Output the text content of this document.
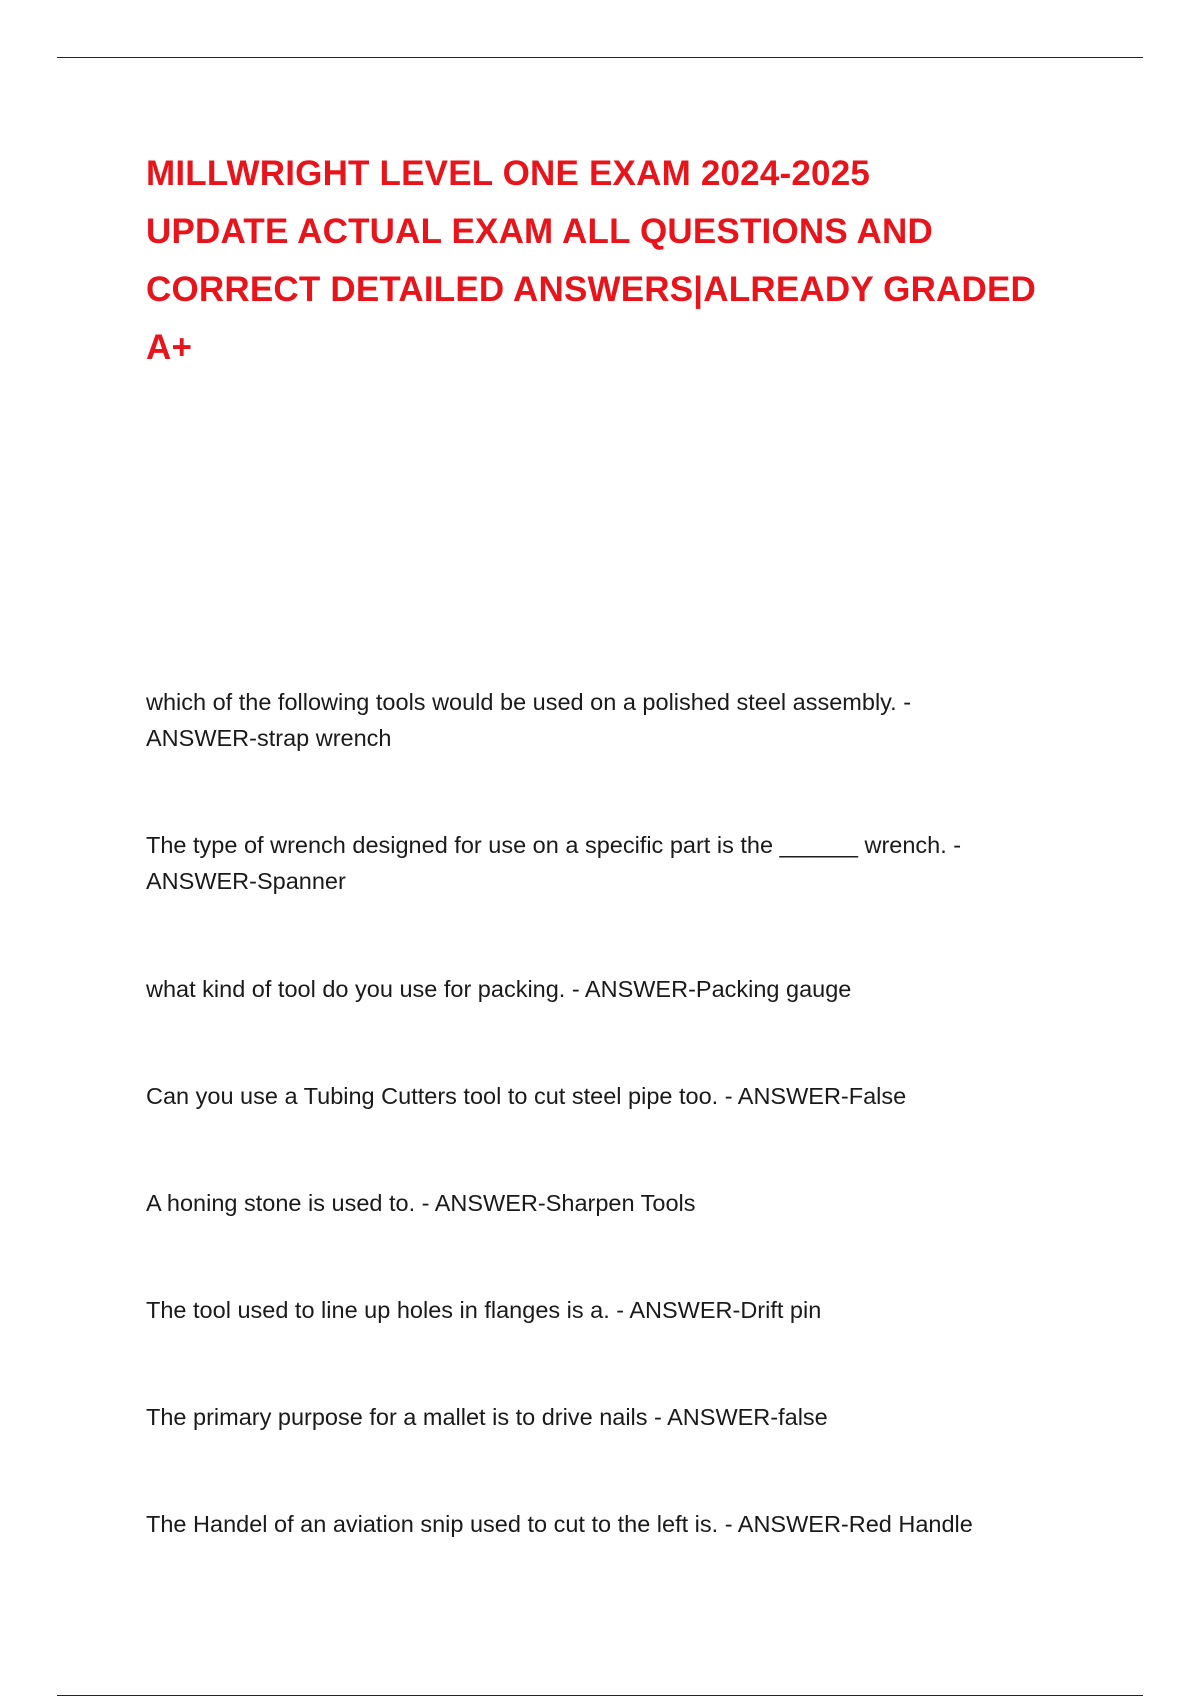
MILLWRIGHT LEVEL ONE EXAM 2024-2025
UPDATE ACTUAL EXAM ALL QUESTIONS AND
CORRECT DETAILED ANSWERS|ALREADY GRADED
A+
which of the following tools would be used on a polished steel assembly. -
ANSWER-strap wrench
The type of wrench designed for use on a specific part is the ______ wrench. -
ANSWER-Spanner
what kind of tool do you use for packing. - ANSWER-Packing gauge
Can you use a Tubing Cutters tool to cut steel pipe too. - ANSWER-False
A honing stone is used to. - ANSWER-Sharpen Tools
The tool used to line up holes in flanges is a. - ANSWER-Drift pin
The primary purpose for a mallet is to drive nails - ANSWER-false
The Handel of an aviation snip used to cut to the left is. - ANSWER-Red Handle
